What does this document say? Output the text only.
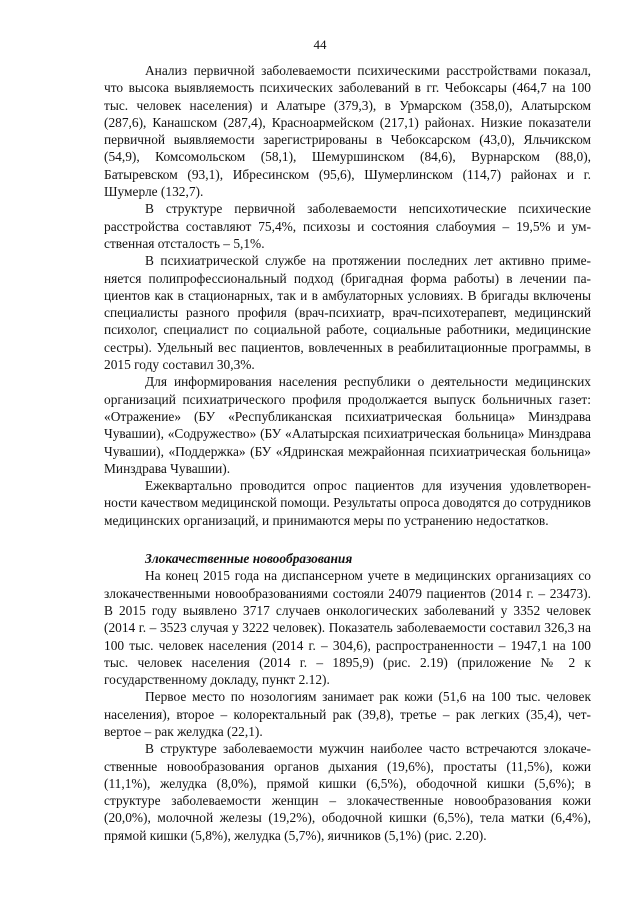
44

Анализ первичной заболеваемости психическими расстройствами показал, что высока выявляемость психических заболеваний в гг. Чебоксары (464,7 на 100 тыс. человек населения) и Алатыре (379,3), в Урмарском (358,0), Алатырском (287,6), Канашском (287,4), Красноармейском (217,1) районах. Низкие показатели первичной выявляемости зарегистрированы в Чебоксарском (43,0), Яльчикском (54,9), Комсомольском (58,1), Шемуршинском (84,6), Вурнарском (88,0), Батыревском (93,1), Ибресинском (95,6), Шумерлинском (114,7) районах и г. Шумерле (132,7).

В структуре первичной заболеваемости непсихотические психические расстройства составляют 75,4%, психозы и состояния слабоумия – 19,5% и умственная отсталость – 5,1%.

В психиатрической службе на протяжении последних лет активно применяется полипрофессиональный подход (бригадная форма работы) в лечении пациентов как в стационарных, так и в амбулаторных условиях. В бригады включены специалисты разного профиля (врач-психиатр, врач-психотерапевт, медицинский психолог, специалист по социальной работе, социальные работники, медицинские сестры). Удельный вес пациентов, вовлеченных в реабилитационные программы, в 2015 году составил 30,3%.

Для информирования населения республики о деятельности медицинских организаций психиатрического профиля продолжается выпуск больничных газет: «Отражение» (БУ «Республиканская психиатрическая больница» Минздрава Чувашии), «Содружество» (БУ «Алатырская психиатрическая больница» Минздрава Чувашии), «Поддержка» (БУ «Ядринская межрайонная психиатрическая больница» Минздрава Чувашии).

Ежеквартально проводится опрос пациентов для изучения удовлетворенности качеством медицинской помощи. Результаты опроса доводятся до сотрудников медицинских организаций, и принимаются меры по устранению недостатков.

Злокачественные новообразования

На конец 2015 года на диспансерном учете в медицинских организациях со злокачественными новообразованиями состояли 24079 пациентов (2014 г. – 23473). В 2015 году выявлено 3717 случаев онкологических заболеваний у 3352 человек (2014 г. – 3523 случая у 3222 человек). Показатель заболеваемости составил 326,3 на 100 тыс. человек населения (2014 г. – 304,6), распространенности – 1947,1 на 100 тыс. человек населения (2014 г. – 1895,9) (рис. 2.19) (приложение № 2 к государственному докладу, пункт 2.12).

Первое место по нозологиям занимает рак кожи (51,6 на 100 тыс. человек населения), второе – колоректальный рак (39,8), третье – рак легких (35,4), четвертое – рак желудка (22,1).

В структуре заболеваемости мужчин наиболее часто встречаются злокачественные новообразования органов дыхания (19,6%), простаты (11,5%), кожи (11,1%), желудка (8,0%), прямой кишки (6,5%), ободочной кишки (5,6%); в структуре заболеваемости женщин – злокачественные новообразования кожи (20,0%), молочной железы (19,2%), ободочной кишки (6,5%), тела матки (6,4%), прямой кишки (5,8%), желудка (5,7%), яичников (5,1%) (рис. 2.20).
